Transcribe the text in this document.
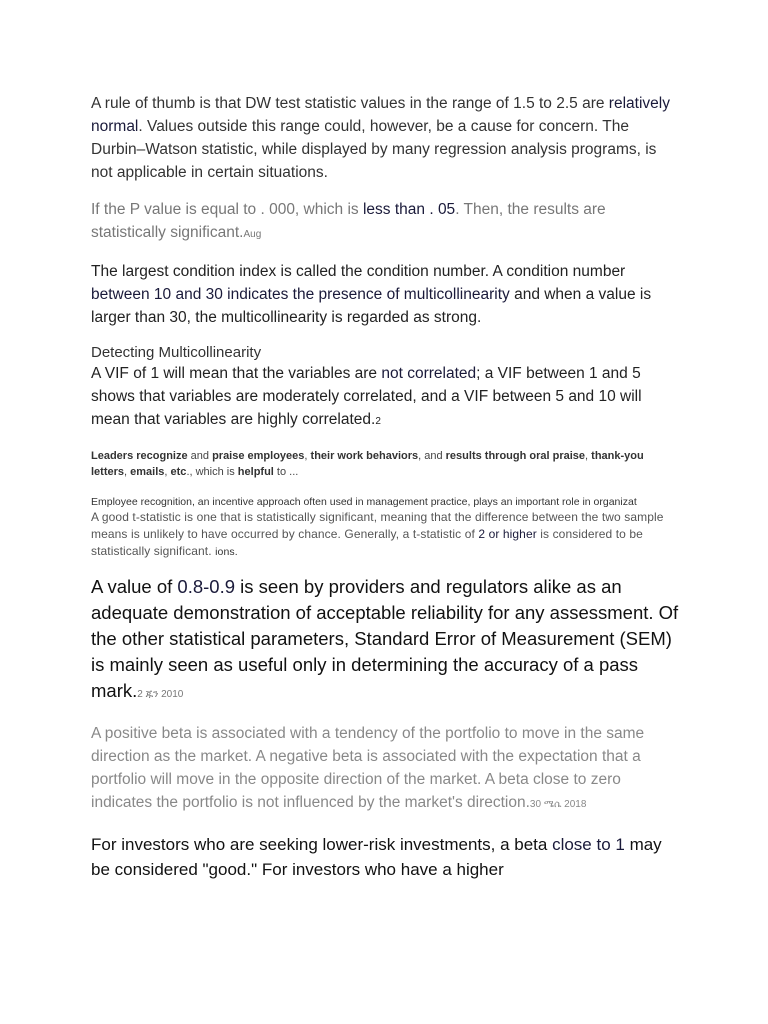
A rule of thumb is that DW test statistic values in the range of 1.5 to 2.5 are relatively normal. Values outside this range could, however, be a cause for concern. The Durbin–Watson statistic, while displayed by many regression analysis programs, is not applicable in certain situations.

If the P value is equal to . 000, which is less than . 05. Then, the results are statistically significant.Aug

The largest condition index is called the condition number. A condition number between 10 and 30 indicates the presence of multicollinearity and when a value is larger than 30, the multicollinearity is regarded as strong.

Detecting Multicollinearity

A VIF of 1 will mean that the variables are not correlated; a VIF between 1 and 5 shows that variables are moderately correlated, and a VIF between 5 and 10 will mean that variables are highly correlated.2

Leaders recognize and praise employees, their work behaviors, and results through oral praise, thank-you letters, emails, etc., which is helpful to ...

Employee recognition, an incentive approach often used in management practice, plays an important role in organizat

A good t-statistic is one that is statistically significant, meaning that the difference between the two sample means is unlikely to have occurred by chance. Generally, a t-statistic of 2 or higher is considered to be statistically significant. ions.

A value of 0.8-0.9 is seen by providers and regulators alike as an adequate demonstration of acceptable reliability for any assessment. Of the other statistical parameters, Standard Error of Measurement (SEM) is mainly seen as useful only in determining the accuracy of a pass mark.2 ጁን 2010

A positive beta is associated with a tendency of the portfolio to move in the same direction as the market. A negative beta is associated with the expectation that a portfolio will move in the opposite direction of the market. A beta close to zero indicates the portfolio is not influenced by the market's direction.30 ሜሴ 2018

For investors who are seeking lower-risk investments, a beta close to 1 may be considered "good." For investors who have a higher
